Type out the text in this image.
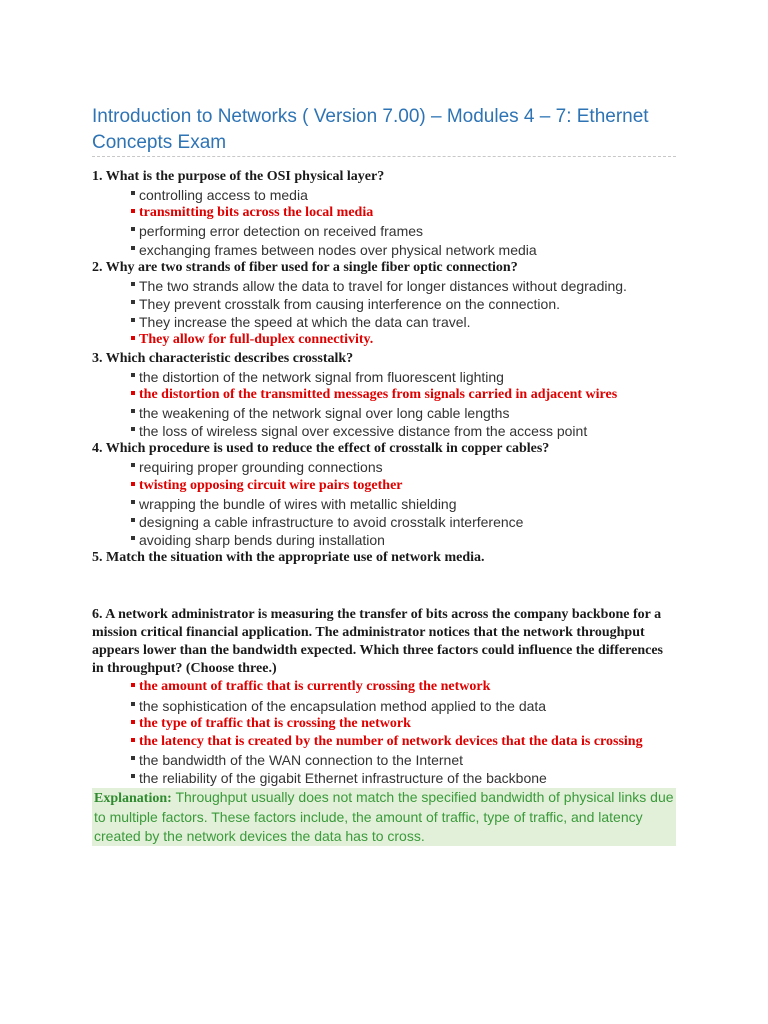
Introduction to Networks ( Version 7.00) – Modules 4 – 7: Ethernet Concepts Exam

1. What is the purpose of the OSI physical layer?

controlling access to media
transmitting bits across the local media
performing error detection on received frames
exchanging frames between nodes over physical network media

2. Why are two strands of fiber used for a single fiber optic connection?

The two strands allow the data to travel for longer distances without degrading.
They prevent crosstalk from causing interference on the connection.
They increase the speed at which the data can travel.
They allow for full-duplex connectivity.

3. Which characteristic describes crosstalk?

the distortion of the network signal from fluorescent lighting
the distortion of the transmitted messages from signals carried in adjacent wires
the weakening of the network signal over long cable lengths
the loss of wireless signal over excessive distance from the access point

4. Which procedure is used to reduce the effect of crosstalk in copper cables?

requiring proper grounding connections
twisting opposing circuit wire pairs together
wrapping the bundle of wires with metallic shielding
designing a cable infrastructure to avoid crosstalk interference
avoiding sharp bends during installation

5. Match the situation with the appropriate use of network media.

6. A network administrator is measuring the transfer of bits across the company backbone for a mission critical financial application. The administrator notices that the network throughput appears lower than the bandwidth expected. Which three factors could influence the differences in throughput? (Choose three.)

the amount of traffic that is currently crossing the network
the sophistication of the encapsulation method applied to the data
the type of traffic that is crossing the network
the latency that is created by the number of network devices that the data is crossing
the bandwidth of the WAN connection to the Internet
the reliability of the gigabit Ethernet infrastructure of the backbone

Explanation: Throughput usually does not match the specified bandwidth of physical links due to multiple factors. These factors include, the amount of traffic, type of traffic, and latency created by the network devices the data has to cross.
